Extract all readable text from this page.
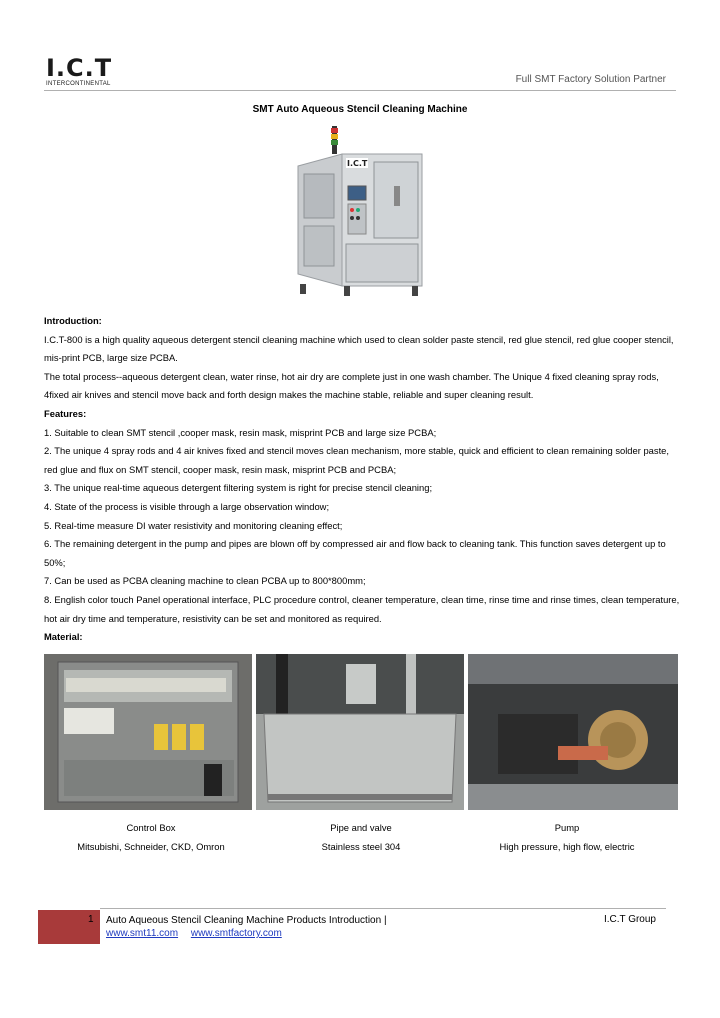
I.C.T
INTERCONTINENTAL	Full SMT Factory Solution Partner
SMT Auto Aqueous Stencil Cleaning Machine
I.C.T

Introduction:

I.C.T-800 is a high quality aqueous detergent stencil cleaning machine which used to clean solder paste stencil, red glue stencil, red glue cooper stencil, mis-print PCB, large size PCBA.

The total process--aqueous detergent clean, water rinse, hot air dry are complete just in one wash chamber. The Unique 4 fixed cleaning spray rods, 4fixed air knives and stencil move back and forth design makes the machine stable, reliable and super cleaning result.

Features:

1. Suitable to clean SMT stencil ,cooper mask, resin mask, misprint PCB and large size PCBA;

2. The unique 4 spray rods and 4 air knives fixed and stencil moves clean mechanism, more stable, quick and efficient to clean remaining solder paste, red glue and flux on SMT stencil, cooper mask, resin mask, misprint PCB and PCBA;

3. The unique real-time aqueous detergent filtering system is right for precise stencil cleaning;

4. State of the process is visible through a large observation window;

5. Real-time measure DI water resistivity and monitoring cleaning effect;

6. The remaining detergent in the pump and pipes are blown off by compressed air and flow back to cleaning tank. This function saves detergent up to 50%;

7. Can be used as PCBA cleaning machine to clean PCBA up to 800*800mm;

8. English color touch Panel operational interface, PLC procedure control, cleaner temperature, clean time, rinse time and rinse times, clean temperature, hot air dry time and temperature, resistivity can be set and monitored as required.

Material:

Control Box
Mitsubishi, Schneider, CKD, Omron
Pipe and valve
Stainless steel 304
Pump
High pressure, high flow, electric
1 Auto Aqueous Stencil Cleaning Machine Products Introduction |
www.smt11.com www.smtfactory.com
I.C.T Group
